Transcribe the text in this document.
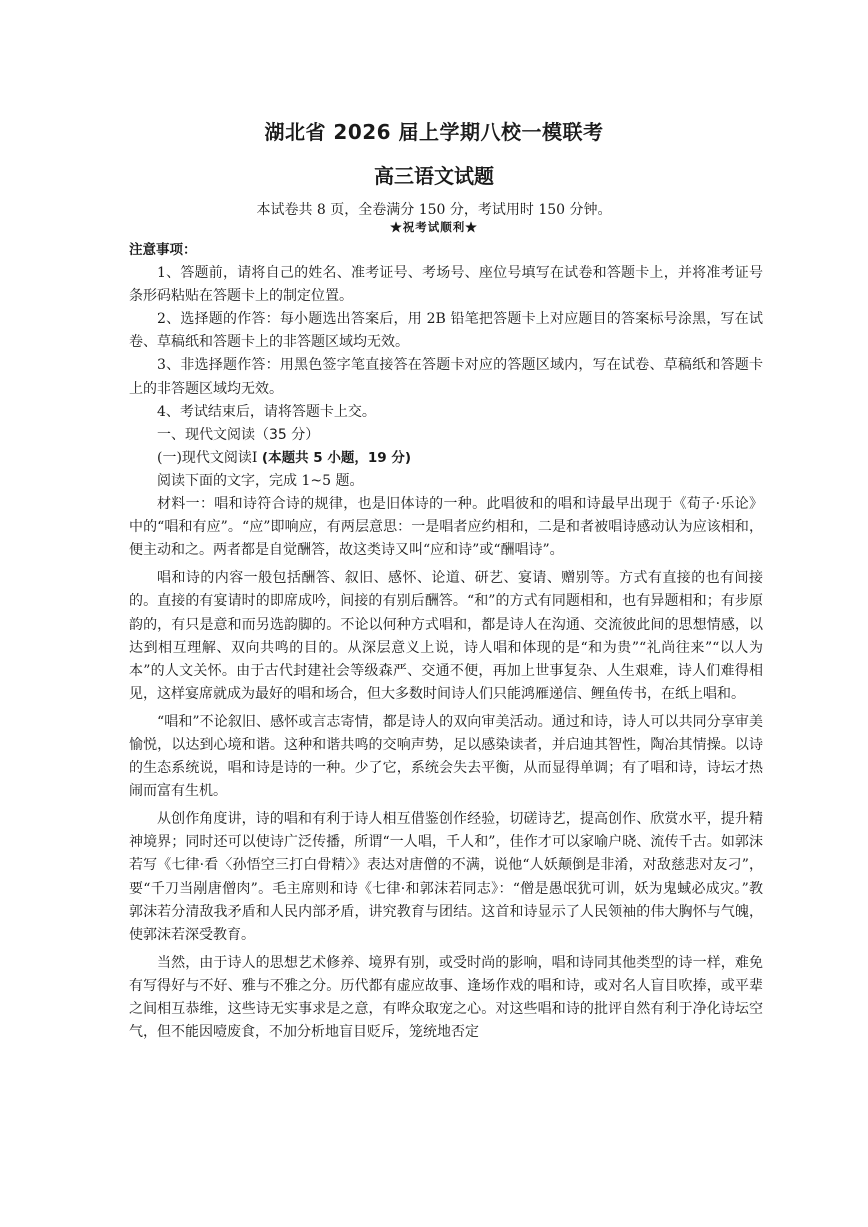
湖北省 2026 届上学期八校一模联考
高三语文试题
本试卷共 8 页，全卷满分 150 分，考试用时 150 分钟。
★祝考试顺利★

注意事项：

1、答题前，请将自己的姓名、准考证号、考场号、座位号填写在试卷和答题卡上，并将准考证号条形码粘贴在答题卡上的制定位置。

2、选择题的作答：每小题选出答案后，用 2B 铅笔把答题卡上对应题目的答案标号涂黑，写在试卷、草稿纸和答题卡上的非答题区域均无效。

3、非选择题作答：用黑色签字笔直接答在答题卡对应的答题区域内，写在试卷、草稿纸和答题卡上的非答题区域均无效。

4、考试结束后，请将答题卡上交。

一、现代文阅读（35 分）

(一)现代文阅读Ⅰ (本题共 5 小题，19 分)

阅读下面的文字，完成 1~5 题。

材料一：唱和诗符合诗的规律，也是旧体诗的一种。此唱彼和的唱和诗最早出现于《荀子·乐论》中的“唱和有应”。“应”即响应，有两层意思：一是唱者应约相和，二是和者被唱诗感动认为应该相和，便主动和之。两者都是自觉酬答，故这类诗又叫“应和诗”或“酬唱诗”。

唱和诗的内容一般包括酬答、叙旧、感怀、论道、研艺、宴请、赠别等。方式有直接的也有间接的。直接的有宴请时的即席成吟，间接的有别后酬答。“和”的方式有同题相和，也有异题相和；有步原韵的，有只是意和而另选韵脚的。不论以何种方式唱和，都是诗人在沟通、交流彼此间的思想情感，以达到相互理解、双向共鸣的目的。从深层意义上说，诗人唱和体现的是“和为贵”“礼尚往来”“以人为本”的人文关怀。由于古代封建社会等级森严、交通不便，再加上世事复杂、人生艰难，诗人们难得相见，这样宴席就成为最好的唱和场合，但大多数时间诗人们只能鸿雁递信、鲤鱼传书，在纸上唱和。

“唱和”不论叙旧、感怀或言志寄情，都是诗人的双向审美活动。通过和诗，诗人可以共同分享审美愉悦，以达到心境和谐。这种和谐共鸣的交响声势，足以感染读者，并启迪其智性，陶冶其情操。以诗的生态系统说，唱和诗是诗的一种。少了它，系统会失去平衡，从而显得单调；有了唱和诗，诗坛才热闹而富有生机。

从创作角度讲，诗的唱和有利于诗人相互借鉴创作经验，切磋诗艺，提高创作、欣赏水平，提升精神境界；同时还可以使诗广泛传播，所谓“一人唱，千人和”，佳作才可以家喻户晓、流传千古。如郭沫若写《七律·看〈孙悟空三打白骨精〉》表达对唐僧的不满，说他“人妖颠倒是非淆，对敌慈悲对友刁”，要“千刀当剐唐僧肉”。毛主席则和诗《七律·和郭沫若同志》：“僧是愚氓犹可训，妖为鬼蜮必成灾。”教郭沫若分清敌我矛盾和人民内部矛盾，讲究教育与团结。这首和诗显示了人民领袖的伟大胸怀与气魄，使郭沫若深受教育。

当然，由于诗人的思想艺术修养、境界有别，或受时尚的影响，唱和诗同其他类型的诗一样，难免有写得好与不好、雅与不雅之分。历代都有虚应故事、逢场作戏的唱和诗，或对名人盲目吹捧，或平辈之间相互恭维，这些诗无实事求是之意，有哗众取宠之心。对这些唱和诗的批评自然有利于净化诗坛空气，但不能因噎废食，不加分析地盲目贬斥，笼统地否定
